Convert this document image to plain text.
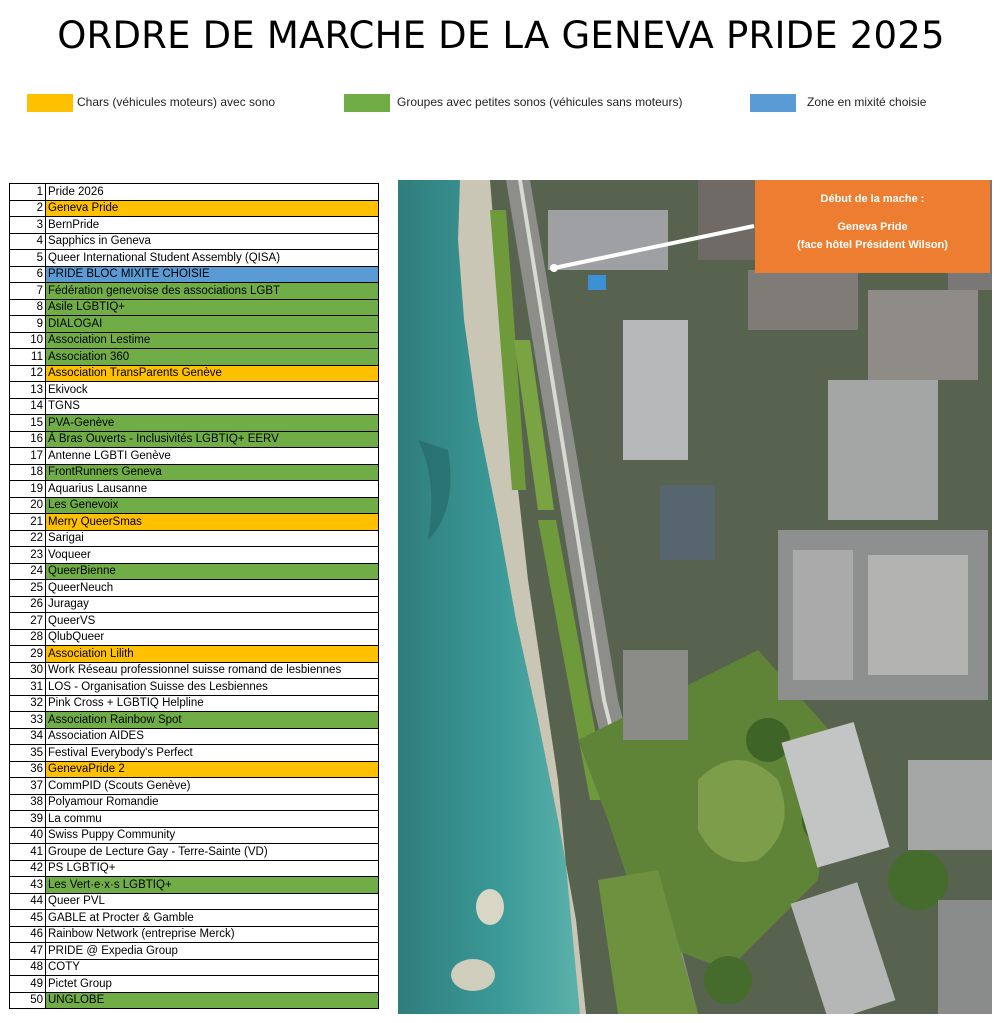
ORDRE DE MARCHE DE LA GENEVA PRIDE 2025
Chars (véhicules moteurs) avec sono	Groupes avec petites sonos (véhicules sans moteurs)	Zone en mixité choisie
1	Pride 2026
2	Geneva Pride
3	BernPride
4	Sapphics in Geneva
5	Queer International Student Assembly (QISA)
6	PRIDE BLOC MIXITE CHOISIE
7	Fédération genevoise des associations LGBT
8	Asile LGBTIQ+
9	DIALOGAI
10	Association Lestime
11	Association 360
12	Association TransParents Genève
13	Ekivock
14	TGNS
15	PVA-Genève
16	À Bras Ouverts - Inclusivités LGBTIQ+ EERV
17	Antenne LGBTI Genève
18	FrontRunners Geneva
19	Aquarius Lausanne
20	Les Genevoix
21	Merry QueerSmas
22	Sarigai
23	Voqueer
24	QueerBienne
25	QueerNeuch
26	Juragay
27	QueerVS
28	QlubQueer
29	Association Lilith
30	Work Réseau professionnel suisse romand de lesbiennes
31	LOS - Organisation Suisse des Lesbiennes
32	Pink Cross + LGBTIQ Helpline
33	Association Rainbow Spot
34	Association AIDES
35	Festival Everybody's Perfect
36	GenevaPride 2
37	CommPID (Scouts Genève)
38	Polyamour Romandie
39	La commu
40	Swiss Puppy Community
41	Groupe de Lecture Gay - Terre-Sainte (VD)
42	PS LGBTIQ+
43	Les Vert·e·x·s LGBTIQ+
44	Queer PVL
45	GABLE at Procter & Gamble
46	Rainbow Network (entreprise Merck)
47	PRIDE @ Expedia Group
48	COTY
49	Pictet Group
50	UNGLOBE
Début de la mache :
Geneva Pride
(face hôtel Président Wilson)
